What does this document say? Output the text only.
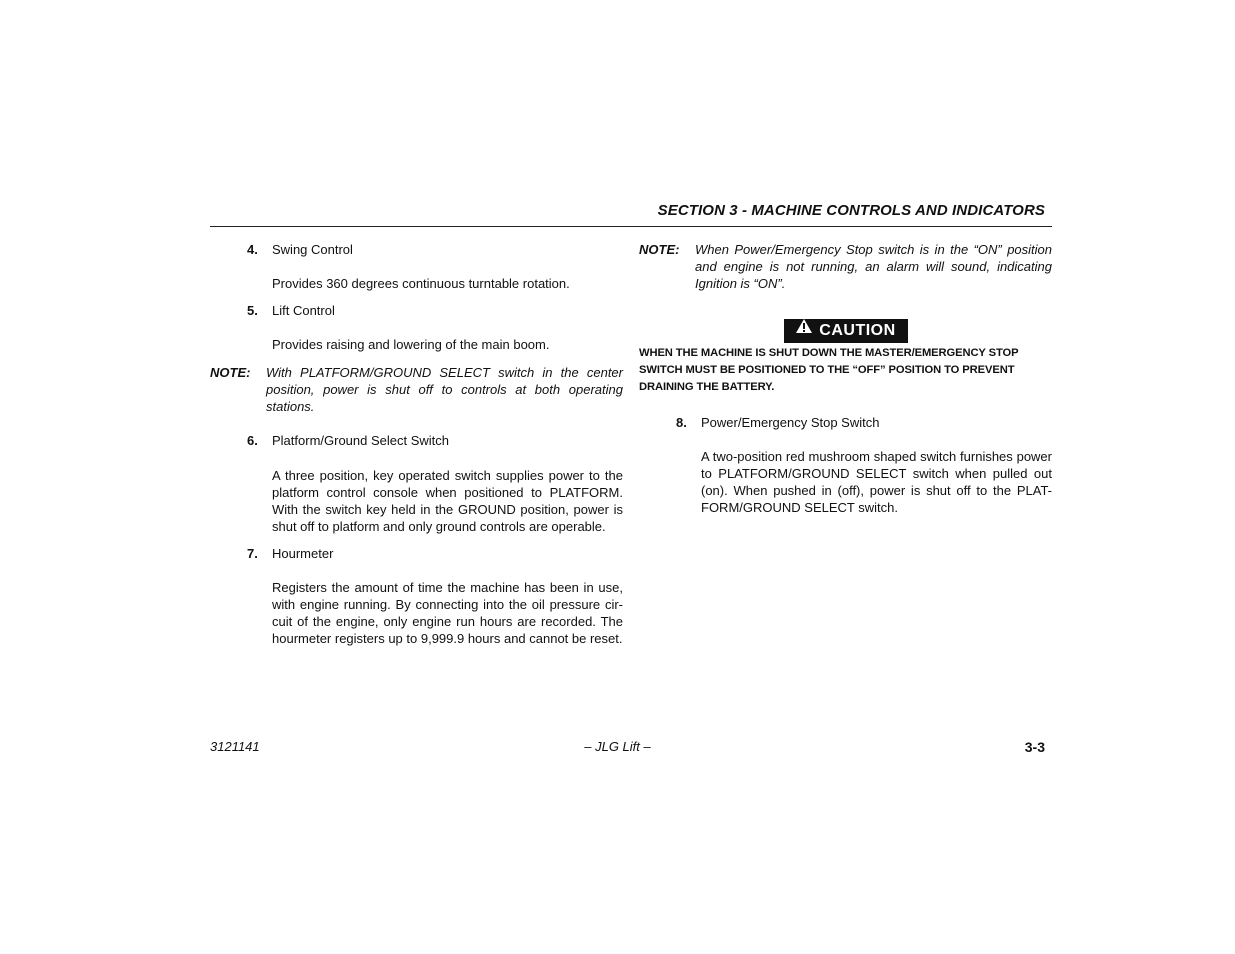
SECTION 3 - MACHINE CONTROLS AND INDICATORS
4.	Swing Control
Provides 360 degrees continuous turntable rotation.
5.	Lift Control
Provides raising and lowering of the main boom.
NOTE: With PLATFORM/GROUND SELECT switch in the center position, power is shut off to controls at both operating stations.
6.	Platform/Ground Select Switch
A three position, key operated switch supplies power to the platform control console when positioned to PLATFORM. With the switch key held in the GROUND position, power is shut off to platform and only ground controls are operable.
7.	Hourmeter
Registers the amount of time the machine has been in use, with engine running. By connecting into the oil pressure cir-cuit of the engine, only engine run hours are recorded. The hourmeter registers up to 9,999.9 hours and cannot be reset.
NOTE: When Power/Emergency Stop switch is in the “ON” position and engine is not running, an alarm will sound, indicating Ignition is “ON”.
CAUTION
WHEN THE MACHINE IS SHUT DOWN THE MASTER/EMERGENCY STOP SWITCH MUST BE POSITIONED TO THE “OFF” POSITION TO PREVENT DRAINING THE BATTERY.
8.	Power/Emergency Stop Switch
A two-position red mushroom shaped switch furnishes power to PLATFORM/GROUND SELECT switch when pulled out (on). When pushed in (off), power is shut off to the PLAT-FORM/GROUND SELECT switch.
– JLG Lift –
3121141	3-3
